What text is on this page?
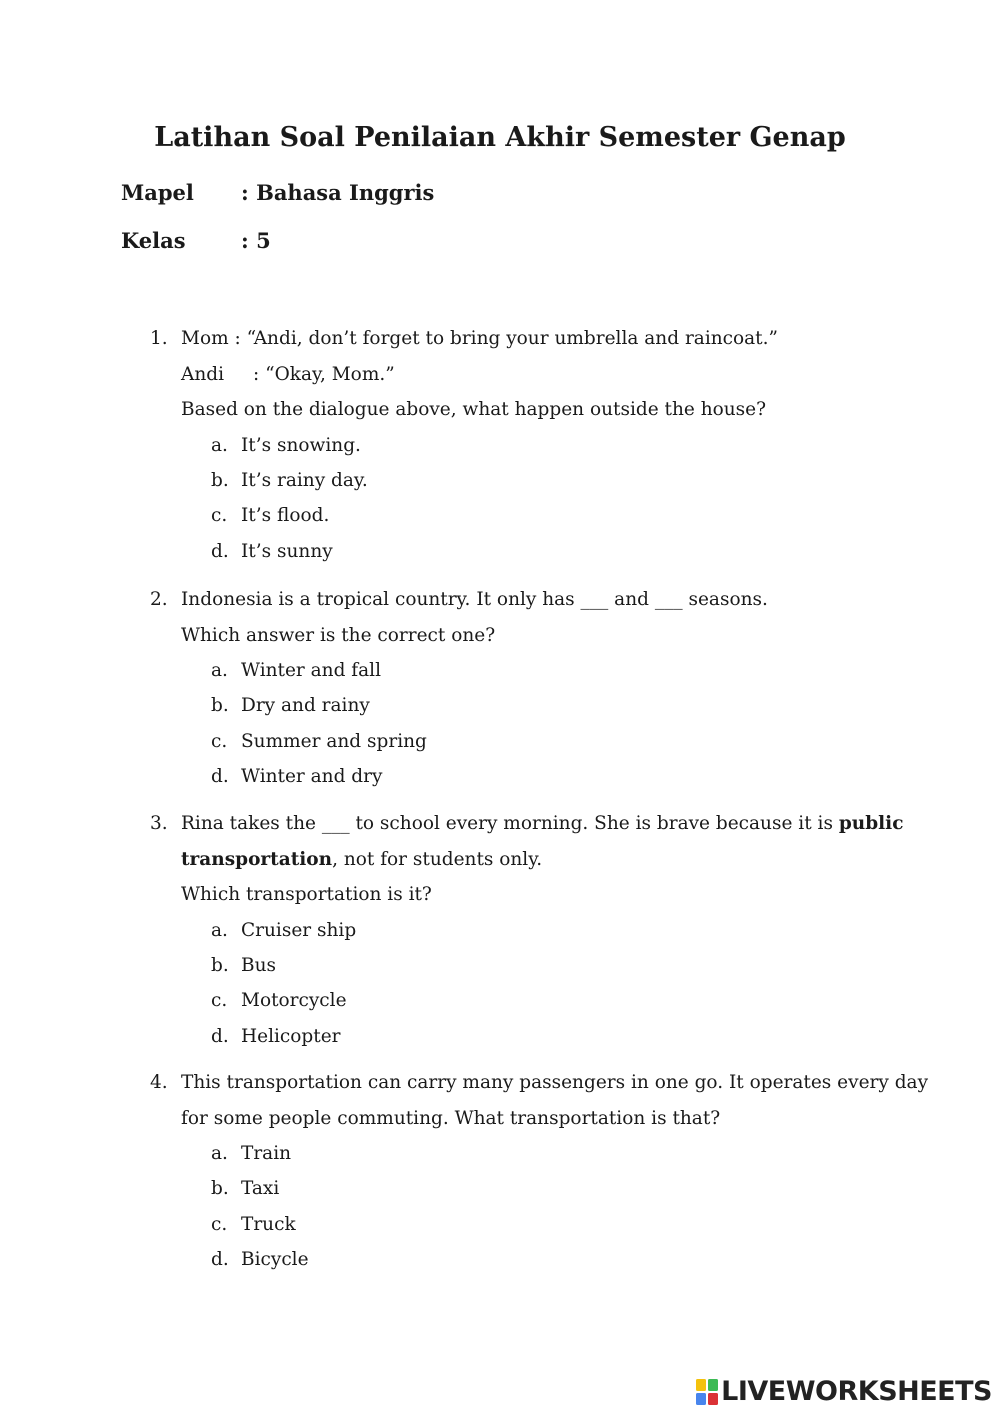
Latihan Soal Penilaian Akhir Semester Genap
Mapel : Bahasa Inggris
Kelas	: 5
1. Mom : “Andi, don’t forget to bring your umbrella and raincoat.”
Andi : “Okay, Mom.”
Based on the dialogue above, what happen outside the house?
a. It’s snowing.
b. It’s rainy day.
c. It’s flood.
d. It’s sunny
2. Indonesia is a tropical country. It only has ___ and ___ seasons.
Which answer is the correct one?
a. Winter and fall
b. Dry and rainy
c. Summer and spring
d. Winter and dry
3. Rina takes the ___ to school every morning. She is brave because it is public
transportation, not for students only.
Which transportation is it?
a. Cruiser ship
b. Bus
c. Motorcycle
d. Helicopter
4. This transportation can carry many passengers in one go. It operates every day
for some people commuting. What transportation is that?
a. Train
b. Taxi
c. Truck
d. Bicycle
LIVEWORKSHEETS
